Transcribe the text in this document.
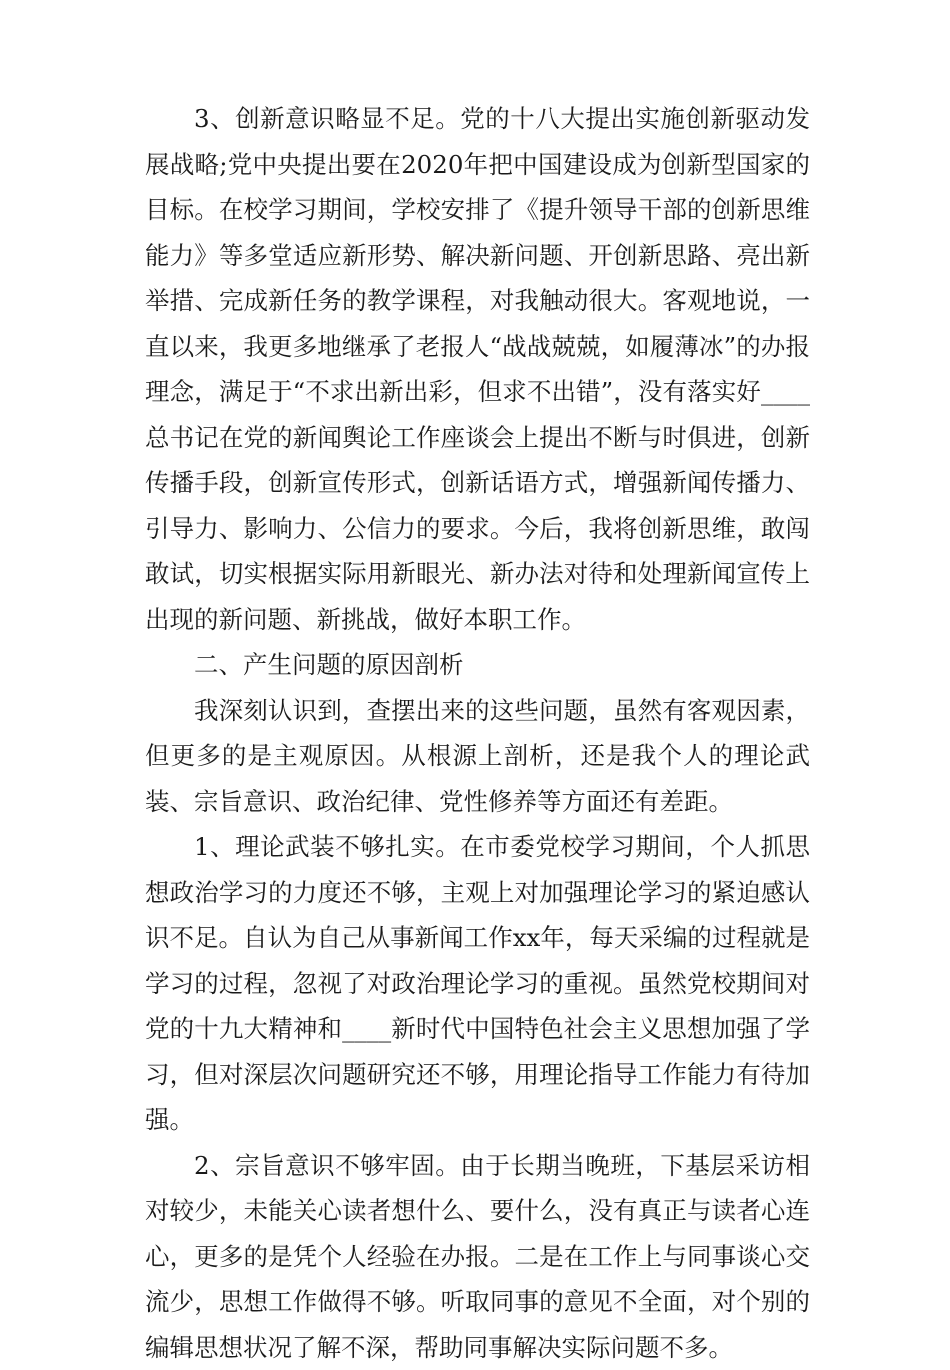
3、创新意识略显不足。党的十八大提出实施创新驱动发展战略;党中央提出要在2020年把中国建设成为创新型国家的目标。在校学习期间，学校安排了《提升领导干部的创新思维能力》等多堂适应新形势、解决新问题、开创新思路、亮出新举措、完成新任务的教学课程，对我触动很大。客观地说，一直以来，我更多地继承了老报人“战战兢兢，如履薄冰”的办报理念，满足于“不求出新出彩，但求不出错”，没有落实好____总书记在党的新闻舆论工作座谈会上提出不断与时俱进，创新传播手段，创新宣传形式，创新话语方式，增强新闻传播力、引导力、影响力、公信力的要求。今后，我将创新思维，敢闯敢试，切实根据实际用新眼光、新办法对待和处理新闻宣传上出现的新问题、新挑战，做好本职工作。

二、产生问题的原因剖析

我深刻认识到，查摆出来的这些问题，虽然有客观因素，但更多的是主观原因。从根源上剖析，还是我个人的理论武装、宗旨意识、政治纪律、党性修养等方面还有差距。

1、理论武装不够扎实。在市委党校学习期间，个人抓思想政治学习的力度还不够，主观上对加强理论学习的紧迫感认识不足。自认为自己从事新闻工作xx年，每天采编的过程就是学习的过程，忽视了对政治理论学习的重视。虽然党校期间对党的十九大精神和____新时代中国特色社会主义思想加强了学习，但对深层次问题研究还不够，用理论指导工作能力有待加强。

2、宗旨意识不够牢固。由于长期当晚班，下基层采访相对较少，未能关心读者想什么、要什么，没有真正与读者心连心，更多的是凭个人经验在办报。二是在工作上与同事谈心交流少，思想工作做得不够。听取同事的意见不全面，对个别的编辑思想状况了解不深，帮助同事解决实际问题不多。
